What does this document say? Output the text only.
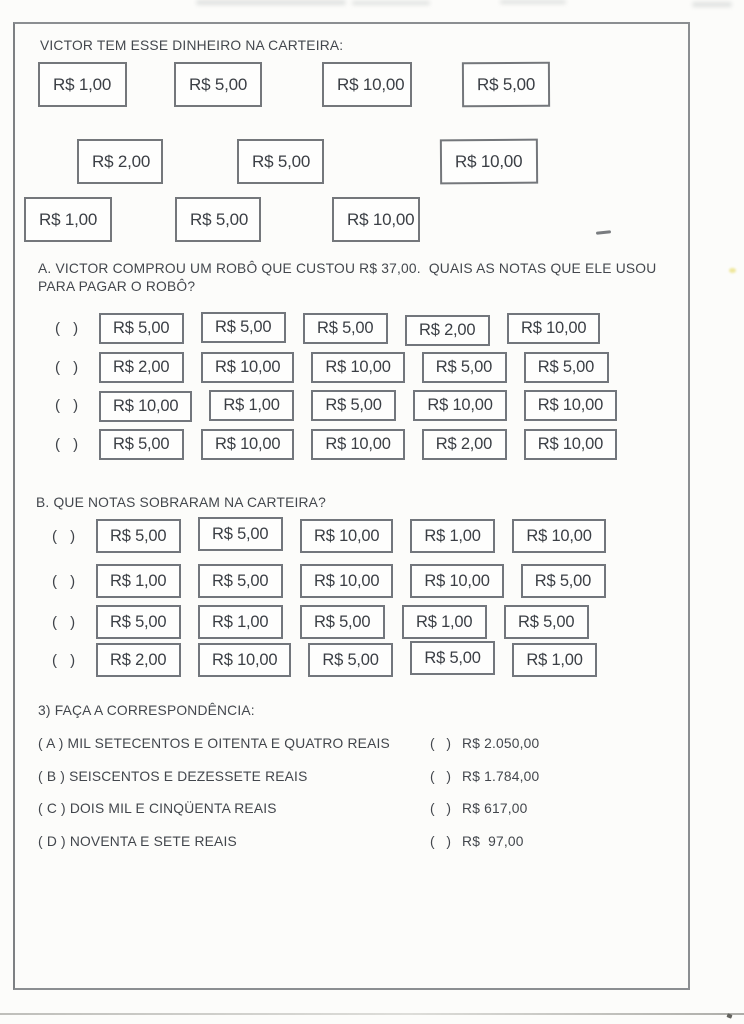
VICTOR TEM ESSE DINHEIRO NA CARTEIRA:
R$ 1,00	R$ 5,00	R$ 10,00	R$ 5,00
R$ 2,00	R$ 5,00	R$ 10,00
R$ 1,00	R$ 5,00	R$ 10,00
A. VICTOR COMPROU UM ROBÔ QUE CUSTOU R$ 37,00.  QUAIS AS NOTAS QUE ELE USOU PARA PAGAR O ROBÔ?
( )	R$ 5,00	R$ 5,00	R$ 5,00	R$ 2,00	R$ 10,00
( )	R$ 2,00	R$ 10,00	R$ 10,00	R$ 5,00	R$ 5,00
( )	R$ 10,00	R$ 1,00	R$ 5,00	R$ 10,00	R$ 10,00
( )	R$ 5,00	R$ 10,00	R$ 10,00	R$ 2,00	R$ 10,00
B. QUE NOTAS SOBRARAM NA CARTEIRA?
( )	R$ 5,00	R$ 5,00	R$ 10,00	R$ 1,00	R$ 10,00
( )	R$ 1,00	R$ 5,00	R$ 10,00	R$ 10,00	R$ 5,00
( )	R$ 5,00	R$ 1,00	R$ 5,00	R$ 1,00	R$ 5,00
( )	R$ 2,00	R$ 10,00	R$ 5,00	R$ 5,00	R$ 1,00
3) FAÇA A CORRESPONDÊNCIA:
( A ) MIL SETECENTOS E OITENTA E QUATRO REAIS	( ) R$ 2.050,00
( B ) SEISCENTOS E DEZESSETE REAIS	( ) R$ 1.784,00
( C ) DOIS MIL E CINQÜENTA REAIS	( ) R$ 617,00
( D ) NOVENTA E SETE REAIS	( ) R$  97,00
